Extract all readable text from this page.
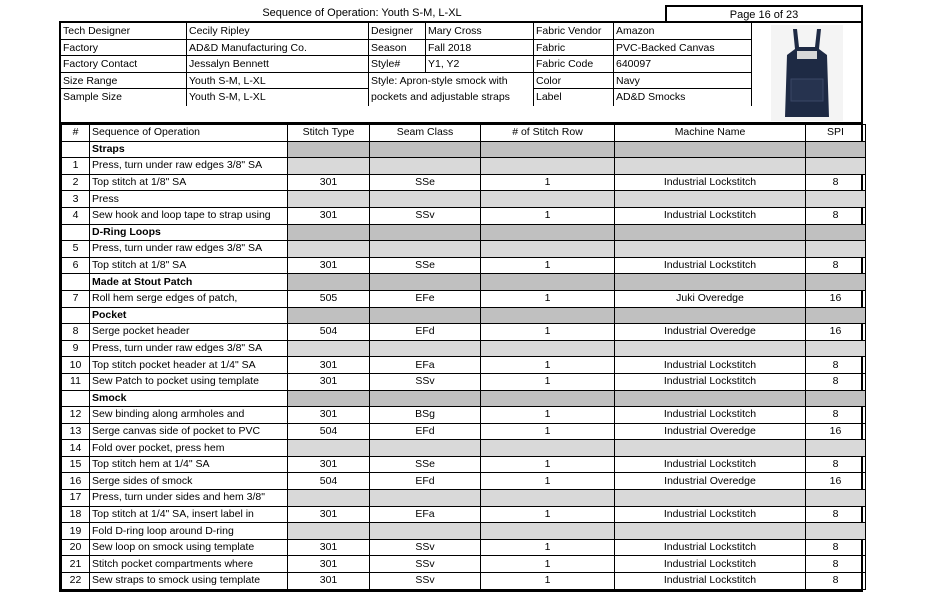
Sequence of Operation: Youth S-M, L-XL	Page 16 of 23
Tech Designer	Cecily Ripley	Designer	Mary Cross	Fabric Vendor	Amazon
Factory	AD&D Manufacturing Co.	Season	Fall 2018	Fabric	PVC-Backed Canvas
Factory Contact	Jessalyn Bennett	Style#	Y1, Y2	Fabric Code	640097
Size Range	Youth S-M, L-XL	Style: Apron-style smock with	Color	Navy
Sample Size	Youth S-M, L-XL	pockets and adjustable straps	Label	AD&D Smocks
#	Sequence of Operation	Stitch Type	Seam Class	# of Stitch Row	Machine Name	SPI
	Straps					
1	Press, turn under raw edges 3/8" SA					
2	Top stitch at 1/8" SA	301	SSe	1	Industrial Lockstitch	8
3	Press					
4	Sew hook and loop tape to strap using	301	SSv	1	Industrial Lockstitch	8
	D-Ring Loops					
5	Press, turn under raw edges 3/8" SA					
6	Top stitch at 1/8" SA	301	SSe	1	Industrial Lockstitch	8
	Made at Stout Patch					
7	Roll hem serge edges of patch,	505	EFe	1	Juki Overedge	16
	Pocket					
8	Serge pocket header	504	EFd	1	Industrial Overedge	16
9	Press, turn under raw edges 3/8" SA					
10	Top stitch pocket header at 1/4" SA	301	EFa	1	Industrial Lockstitch	8
11	Sew Patch to pocket using template	301	SSv	1	Industrial Lockstitch	8
	Smock					
12	Sew binding along armholes and	301	BSg	1	Industrial Lockstitch	8
13	Serge canvas side of pocket to PVC	504	EFd	1	Industrial Overedge	16
14	Fold over pocket, press hem					
15	Top stitch hem at 1/4" SA	301	SSe	1	Industrial Lockstitch	8
16	Serge sides of smock	504	EFd	1	Industrial Overedge	16
17	Press, turn under sides and hem 3/8"					
18	Top stitch at 1/4" SA, insert label in	301	EFa	1	Industrial Lockstitch	8
19	Fold D-ring loop around D-ring					
20	Sew loop on smock using template	301	SSv	1	Industrial Lockstitch	8
21	Stitch pocket compartments where	301	SSv	1	Industrial Lockstitch	8
22	Sew straps to smock using template	301	SSv	1	Industrial Lockstitch	8
